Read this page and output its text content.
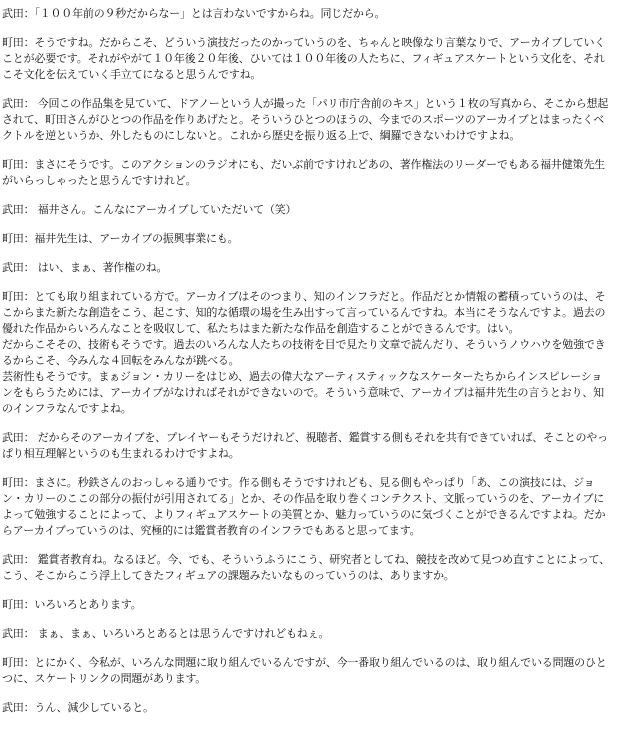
武田：「１００年前の９秒だからなー」とは言わないですからね。同じだから。

町田：そうですね。だからこそ、どういう演技だったのかっていうのを、ちゃんと映像なり言葉なりで、アーカイブしていくことが必要です。それがやがて１０年後２０年後、ひいては１００年後の人たちに、フィギュアスケートという文化を、それこそ文化を伝えていく手立てになると思うんですね。

武田： 今回この作品集を見ていて、ドアノーという人が撮った「パリ市庁舎前のキス」という１枚の写真から、そこから想起されて、町田さんがひとつの作品を作りあげたと。そういうひとつのほうの、今までのスポーツのアーカイブとはまったくベクトルを逆というか、外したものにしないと。これから歴史を振り返る上で、綱羅できないわけですよね。

町田：まさにそうです。このアクションのラジオにも、だいぶ前ですけれどあの、著作権法のリーダーでもある福井健策先生がいらっしゃったと思うんですけれど。

武田： 福井さん。こんなにアーカイブしていただいて（笑）

町田：福井先生は、アーカイブの振興事業にも。

武田： はい、まぁ、著作権のね。

町田：とても取り組まれている方で。アーカイブはそのつまり、知のインフラだと。作品だとか情報の蓄積っていうのは、そこからまた新たな創造をこう、起こす、知的な循環の場を生み出すって言っているんですね。本当にそうなんですよ。過去の優れた作品からいろんなことを吸収して、私たちはまた新たな作品を創造することができるんです。はい。
だからこそその、技術もそうです。過去のいろんな人たちの技術を目で見たり文章で読んだり、そういうノウハウを勉強できるからこそ、今みんな４回転をみんなが跳べる。
芸術性もそうです。まぁジョン・カリーをはじめ、過去の偉大なアーティスティックなスケーターたちからインスピレーションをもらうためには、アーカイブがなければそれができないので。そういう意味で、アーカイブは福井先生の言うとおり、知のインフラなんですよね。

武田： だからそのアーカイブを、プレイヤーもそうだけれど、視聴者、鑑賞する側もそれを共有できていれば、そことのやっぱり相互理解というのも生まれるわけですよね。

町田：まさに。秒鉄さんのおっしゃる通りです。作る側もそうですけれども、見る側もやっぱり「あ、この演技には、ジョン・カリーのここの部分の振付が引用されてる」とか、その作品を取り巻くコンテクスト、文脈っていうのを、アーカイブによって勉強することによって、よりフィギュアスケートの美質とか、魅力っていうのに気づくことができるんですよね。だからアーカイブっていうのは、究極的には鑑賞者教育のインフラでもあると思ってます。

武田： 鑑賞者教育ね。なるほど。今、でも、そういうふうにこう、研究者としてね、競技を改めて見つめ直すことによって、こう、そこからこう浮上してきたフィギュアの課題みたいなものっていうのは、ありますか。

町田：いろいろとあります。

武田： まぁ、まぁ、いろいろとあるとは思うんですけれどもねぇ。

町田：とにかく、今私が、いろんな問題に取り組んでいるんですが、今一番取り組んでいるのは、取り組んでいる問題のひとつに、スケートリンクの問題があります。

武田：うん、減少していると。
